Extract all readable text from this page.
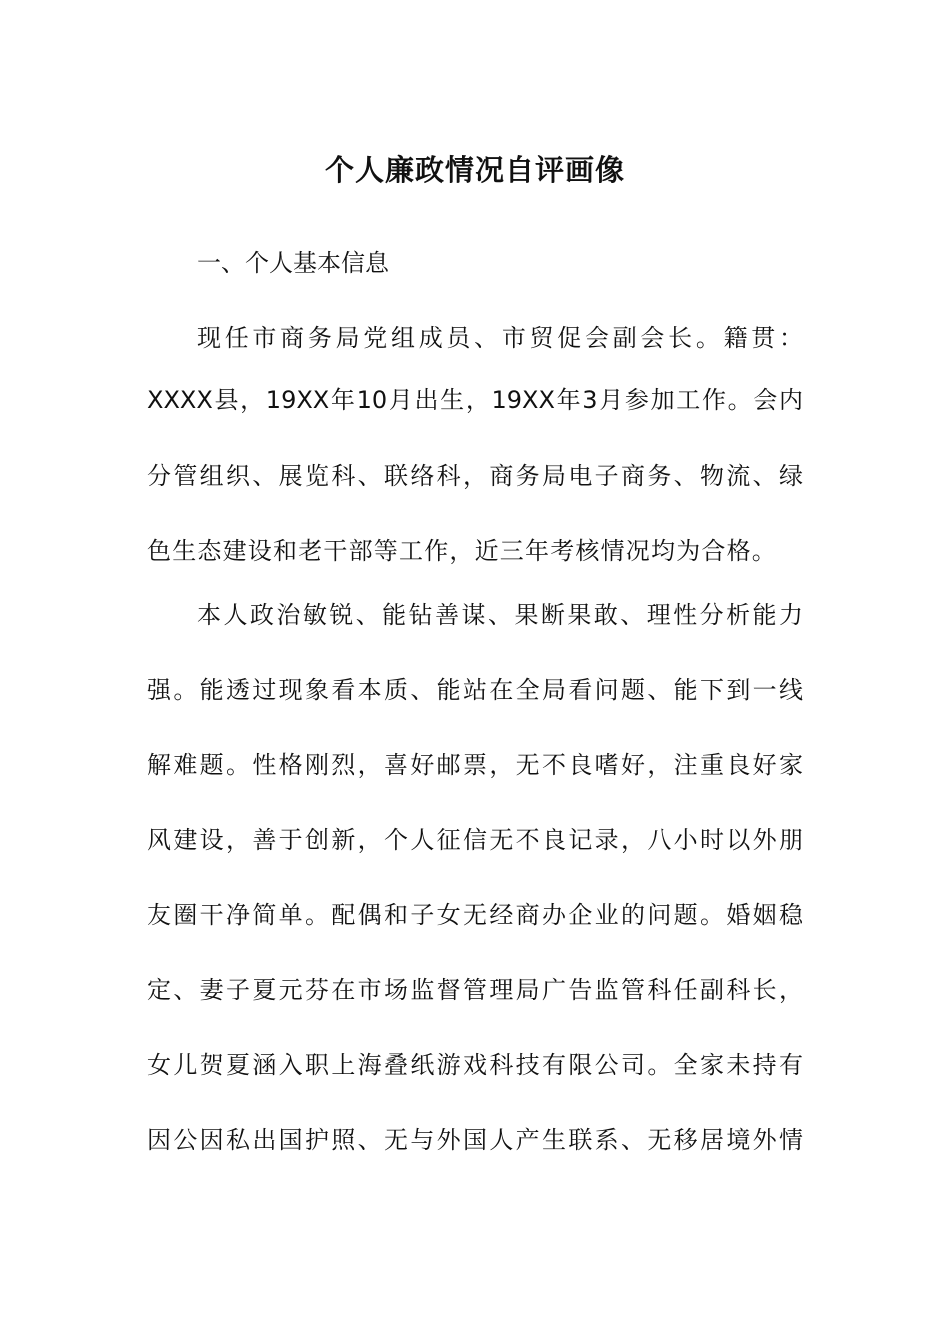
个人廉政情况自评画像
一、个人基本信息
现​任​市​商​务​局​党​组​成​员​、​市​贸​促​会​副​会​长​。​籍​贯​：
X​X​X​X​县​，​1​9​X​X​年​1​0​月​出​生​，​1​9​X​X​年​3​月​参​加​工​作​。​会​内
分​管​组​织​、​展​览​科​、​联​络​科​，​商​务​局​电​子​商​务​、​物​流​、​绿
色生态建设和老干部等工作，近三年考核情况均为合格。
本​人​政​治​敏​锐​、​能​钻​善​谋​、​果​断​果​敢​、​理​性​分​析​能​力
强​。​能​透​过​现​象​看​本​质​、​能​站​在​全​局​看​问​题​、​能​下​到​一​线
解​难​题​。​性​格​刚​烈​，​喜​好​邮​票​，​无​不​良​嗜​好​，​注​重​良​好​家
风​建​设​，​善​于​创​新​，​个​人​征​信​无​不​良​记​录​，​八​小​时​以​外​朋
友​圈​干​净​简​单​。​配​偶​和​子​女​无​经​商​办​企​业​的​问​题​。​婚​姻​稳
定​、​妻​子​夏​元​芬​在​市​场​监​督​管​理​局​广​告​监​管​科​任​副​科​长​，
女​儿​贺​夏​涵​入​职​上​海​叠​纸​游​戏​科​技​有​限​公​司​。​全​家​未​持​有
因​公​因​私​出​国​护​照​、​无​与​外​国​人​产​生​联​系​、​无​移​居​境​外​情
